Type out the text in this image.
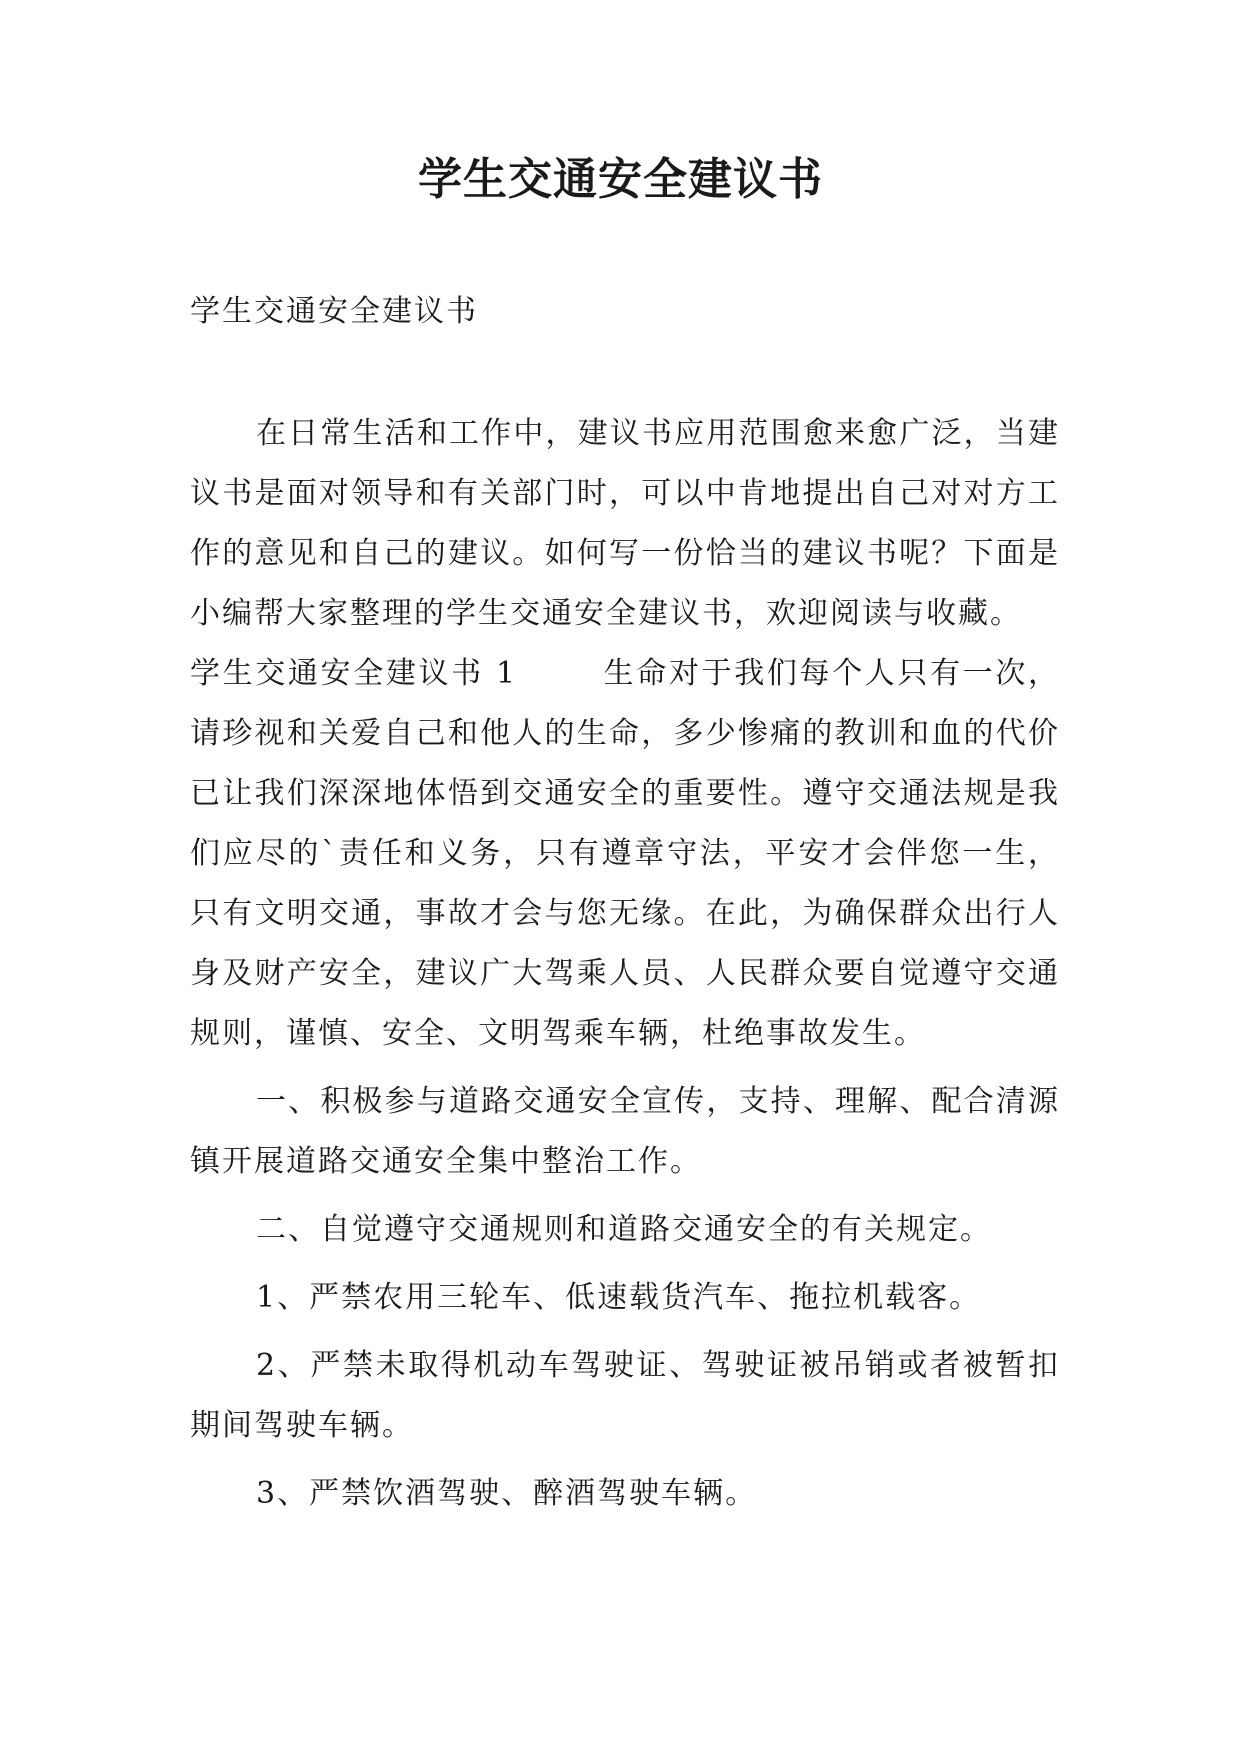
学生交通安全建议书

学生交通安全建议书

在日常生活和工作中，建议书应用范围愈来愈广泛，当建议书是面对领导和有关部门时，可以中肯地提出自己对对方工作的意见和自己的建议。如何写一份恰当的建议书呢？下面是小编帮大家整理的学生交通安全建议书，欢迎阅读与收藏。

学生交通安全建议书 1	生命对于我们每个人只有一次，请珍视和关爱自己和他人的生命，多少惨痛的教训和血的代价已让我们深深地体悟到交通安全的重要性。遵守交通法规是我们应尽的`责任和义务，只有遵章守法，平安才会伴您一生，只有文明交通，事故才会与您无缘。在此，为确保群众出行人身及财产安全，建议广大驾乘人员、人民群众要自觉遵守交通规则，谨慎、安全、文明驾乘车辆，杜绝事故发生。

一、积极参与道路交通安全宣传，支持、理解、配合清源镇开展道路交通安全集中整治工作。

二、自觉遵守交通规则和道路交通安全的有关规定。

1、严禁农用三轮车、低速载货汽车、拖拉机载客。

2、严禁未取得机动车驾驶证、驾驶证被吊销或者被暂扣期间驾驶车辆。

3、严禁饮酒驾驶、醉酒驾驶车辆。
